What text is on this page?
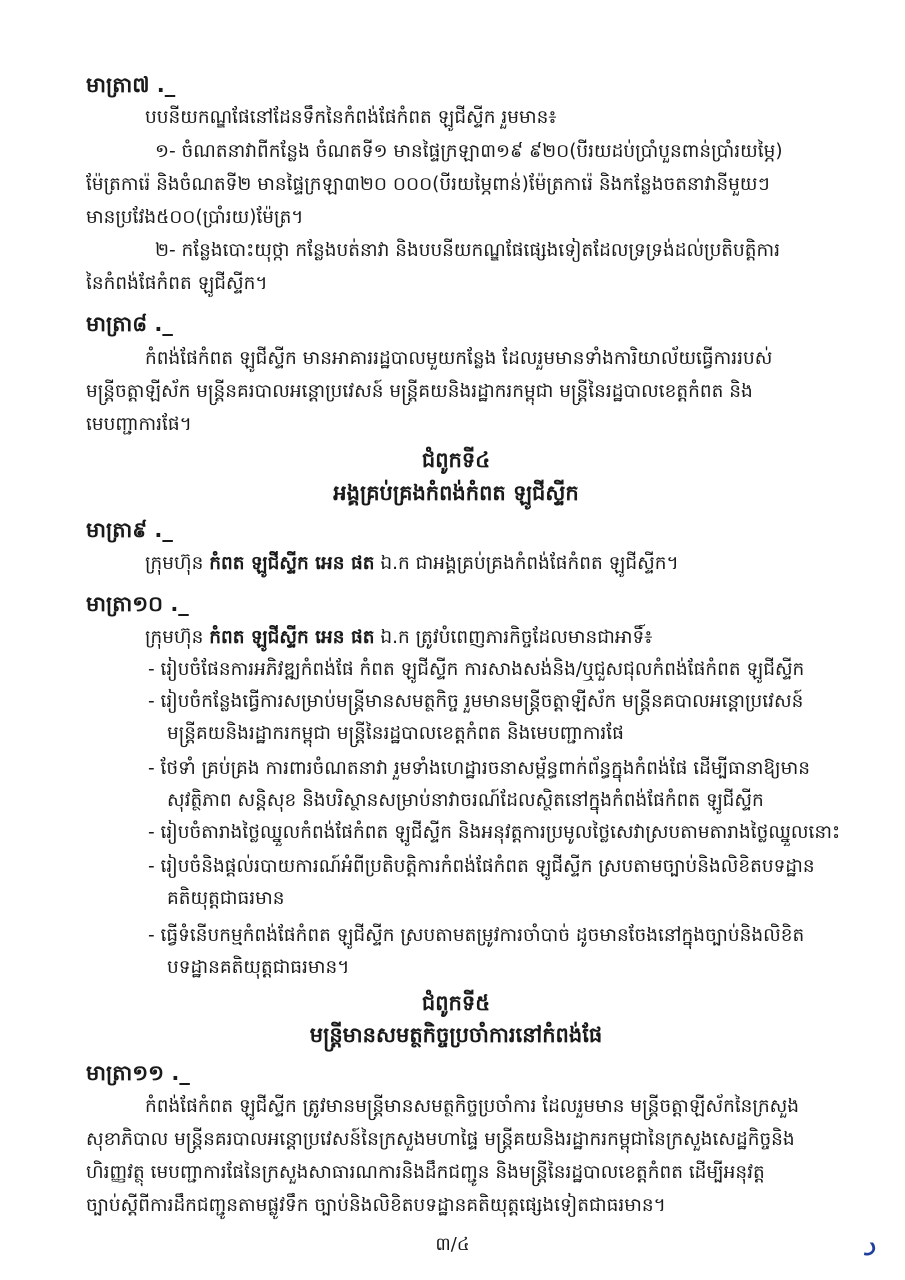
មាត្រា៧ ._
បបនីយកណ្ឌផែនៅដែនទឹកនៃកំពង់ផែកំពត ឡូជីស្ទីក រួមមាន៖
១- ចំណតនាវាពីកន្លែង ចំណតទី១ មានផ្ទៃក្រឡា៣១៩ ៩២០(បីរយដប់ប្រាំបួនពាន់ប្រាំរយម្ភៃ)
ម៉ែត្រការ៉េ និងចំណតទី២ មានផ្ទៃក្រឡា៣២០ ០០០(បីរយម្ភៃពាន់)ម៉ែត្រការ៉េ និងកន្លែងចតនាវានីមួយៗ
មានប្រវែង៥០០(ប្រាំរយ)ម៉ែត្រ។
២- កន្លែងបោះយុថ្កា កន្លែងបត់នាវា និងបបនីយកណ្ឌផែផ្សេងទៀតដែលទ្រទ្រង់ដល់ប្រតិបត្តិការ
នៃកំពង់ផែកំពត ឡូជីស្ទីក។
មាត្រា៨ ._
កំពង់ផែកំពត ឡូជីស្ទីក មានអាគាររដ្ឋបាលមួយកន្លែង ដែលរួមមានទាំងការិយាល័យធ្វើការរបស់
មន្ត្រីចត្តាឡីស័ក មន្ត្រីនគរបាលអន្តោប្រវេសន៍ មន្ត្រីគយនិងរដ្ឋាករកម្ពុជា មន្ត្រីនៃរដ្ឋបាលខេត្តកំពត និង
មេបញ្ជាការផែ។
ជំពូកទី៤
អង្គគ្រប់គ្រងកំពង់កំពត ឡូជីស្ទីក
មាត្រា៩ ._
ក្រុមហ៊ុន កំពត ឡូជីស្ទីក អេន ផត ឯ.ក ជាអង្គគ្រប់គ្រងកំពង់ផែកំពត ឡូជីស្ទីក។
មាត្រា១០ ._
ក្រុមហ៊ុន កំពត ឡូជីស្ទីក អេន ផត ឯ.ក ត្រូវបំពេញភារកិច្ចដែលមានជាអាទិ៍៖
- រៀបចំផែនការអភិវឌ្ឍកំពង់ផែ កំពត ឡូជីស្ទីក ការសាងសង់និង/ឬជួសជុលកំពង់ផែកំពត ឡូជីស្ទីក
- រៀបចំកន្លែងធ្វើការសម្រាប់មន្ត្រីមានសមត្ថកិច្ច រួមមានមន្ត្រីចត្តាឡីស័ក មន្ត្រីនគបាលអន្តោប្រវេសន៍
មន្ត្រីគយនិងរដ្ឋាករកម្ពុជា មន្ត្រីនៃរដ្ឋបាលខេត្តកំពត និងមេបញ្ជាការផែ
- ថែទាំ គ្រប់គ្រង ការពារចំណតនាវា រួមទាំងហេដ្ឋារចនាសម្ព័ន្ធពាក់ព័ន្ធក្នុងកំពង់ផែ ដើម្បីធានាឱ្យមាន
សុវត្ថិភាព សន្តិសុខ និងបរិស្ថានសម្រាប់នាវាចរណ៍ដែលស្ថិតនៅក្នុងកំពង់ផែកំពត ឡូជីស្ទីក
- រៀបចំតារាងថ្លៃឈ្នួលកំពង់ផែកំពត ឡូជីស្ទីក និងអនុវត្តការប្រមូលថ្លៃសេវាស្របតាមតារាងថ្លៃឈ្នួលនោះ
- រៀបចំនិងផ្តល់របាយការណ៍អំពីប្រតិបត្តិការកំពង់ផែកំពត ឡូជីស្ទីក ស្របតាមច្បាប់និងលិខិតបទដ្ឋាន
គតិយុត្តជាធរមាន
- ធ្វើទំនើបកម្មកំពង់ផែកំពត ឡូជីស្ទីក ស្របតាមតម្រូវការចាំបាច់ ដូចមានចែងនៅក្នុងច្បាប់និងលិខិត
បទដ្ឋានគតិយុត្តជាធរមាន។
ជំពូកទី៥
មន្ត្រីមានសមត្ថកិច្ចប្រចាំការនៅកំពង់ផែ
មាត្រា១១ ._
កំពង់ផែកំពត ឡូជីស្ទីក ត្រូវមានមន្ត្រីមានសមត្ថកិច្ចប្រចាំការ ដែលរួមមាន មន្ត្រីចត្តាឡីស័កនៃក្រសួង
សុខាភិបាល មន្ត្រីនគរបាលអន្តោប្រវេសន៍នៃក្រសួងមហាផ្ទៃ មន្ត្រីគយនិងរដ្ឋាករកម្ពុជានៃក្រសួងសេដ្ឋកិច្ចនិង
ហិរញ្ញវត្ថុ មេបញ្ជាការផែនៃក្រសួងសាធារណការនិងដឹកជញ្ជូន និងមន្ត្រីនៃរដ្ឋបាលខេត្តកំពត ដើម្បីអនុវត្ត
ច្បាប់ស្តីពីការដឹកជញ្ជូនតាមផ្លូវទឹក ច្បាប់និងលិខិតបទដ្ឋានគតិយុត្តផ្សេងទៀតជាធរមាន។
៣/៤	ﺩ
